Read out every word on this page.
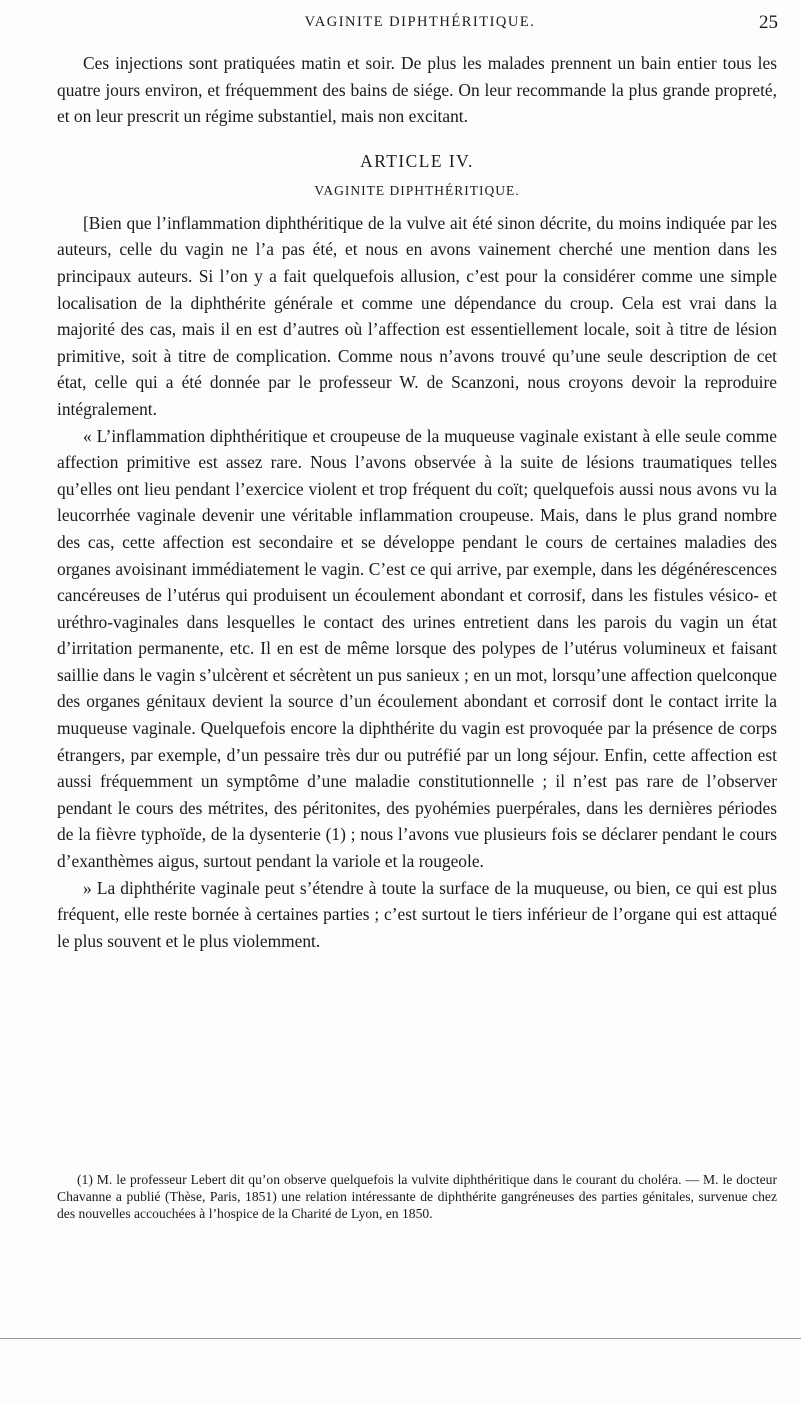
VAGINITE DIPHTHÉRITIQUE.	25

Ces injections sont pratiquées matin et soir. De plus les malades prennent un bain entier tous les quatre jours environ, et fréquemment des bains de siége. On leur recommande la plus grande propreté, et on leur prescrit un régime substantiel, mais non excitant.

ARTICLE IV.
VAGINITE DIPHTHÉRITIQUE.

[Bien que l’inflammation diphthéritique de la vulve ait été sinon décrite, du moins indiquée par les auteurs, celle du vagin ne l’a pas été, et nous en avons vainement cherché une mention dans les principaux auteurs. Si l’on y a fait quelquefois allusion, c’est pour la considérer comme une simple localisation de la diphthérite générale et comme une dépendance du croup. Cela est vrai dans la majorité des cas, mais il en est d’autres où l’affection est essentiellement locale, soit à titre de lésion primitive, soit à titre de complication. Comme nous n’avons trouvé qu’une seule description de cet état, celle qui a été donnée par le professeur W. de Scanzoni, nous croyons devoir la reproduire intégralement.

« L’inflammation diphthéritique et croupeuse de la muqueuse vaginale existant à elle seule comme affection primitive est assez rare. Nous l’avons observée à la suite de lésions traumatiques telles qu’elles ont lieu pendant l’exercice violent et trop fréquent du coït; quelquefois aussi nous avons vu la leucorrhée vaginale devenir une véritable inflammation croupeuse. Mais, dans le plus grand nombre des cas, cette affection est secondaire et se développe pendant le cours de certaines maladies des organes avoisinant immédiatement le vagin. C’est ce qui arrive, par exemple, dans les dégénérescences cancéreuses de l’utérus qui produisent un écoulement abondant et corrosif, dans les fistules vésico- et uréthro-vaginales dans lesquelles le contact des urines entretient dans les parois du vagin un état d’irritation permanente, etc. Il en est de même lorsque des polypes de l’utérus volumineux et faisant saillie dans le vagin s’ulcèrent et sécrètent un pus sanieux ; en un mot, lorsqu’une affection quelconque des organes génitaux devient la source d’un écoulement abondant et corrosif dont le contact irrite la muqueuse vaginale. Quelquefois encore la diphthérite du vagin est provoquée par la présence de corps étrangers, par exemple, d’un pessaire très dur ou putréfié par un long séjour. Enfin, cette affection est aussi fréquemment un symptôme d’une maladie constitutionnelle ; il n’est pas rare de l’observer pendant le cours des métrites, des péritonites, des pyohémies puerpérales, dans les dernières périodes de la fièvre typhoïde, de la dysenterie (1) ; nous l’avons vue plusieurs fois se déclarer pendant le cours d’exanthèmes aigus, surtout pendant la variole et la rougeole.

» La diphthérite vaginale peut s’étendre à toute la surface de la muqueuse, ou bien, ce qui est plus fréquent, elle reste bornée à certaines parties ; c’est surtout le tiers inférieur de l’organe qui est attaqué le plus souvent et le plus violemment.

(1) M. le professeur Lebert dit qu’on observe quelquefois la vulvite diphthéritique dans le courant du choléra. — M. le docteur Chavanne a publié (Thèse, Paris, 1851) une relation intéressante de diphthérite gangréneuses des parties génitales, survenue chez des nouvelles accouchées à l’hospice de la Charité de Lyon, en 1850.
